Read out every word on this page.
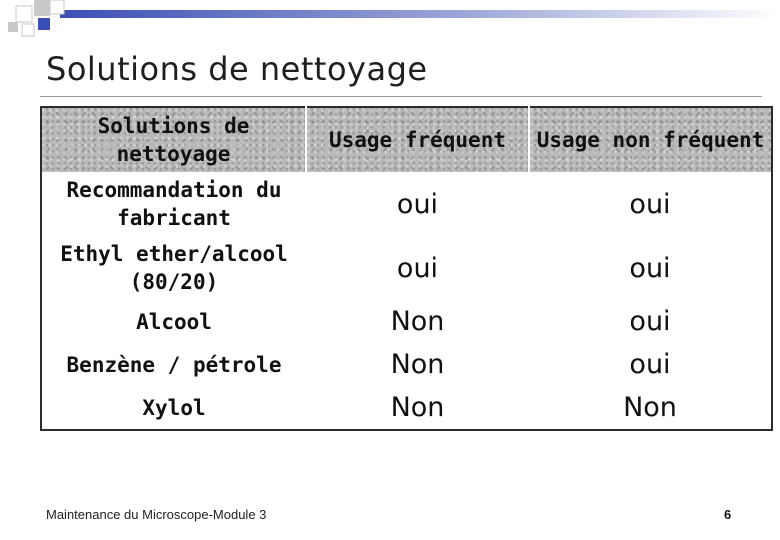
Solutions de nettoyage
Solutions de nettoyage	Usage fréquent	Usage non fréquent
Recommandation du fabricant	oui	oui
Ethyl ether/alcool (80/20)	oui	oui
Alcool	Non	oui
Benzène / pétrole	Non	oui
Xylol	Non	Non
Maintenance du Microscope-Module 3	6
